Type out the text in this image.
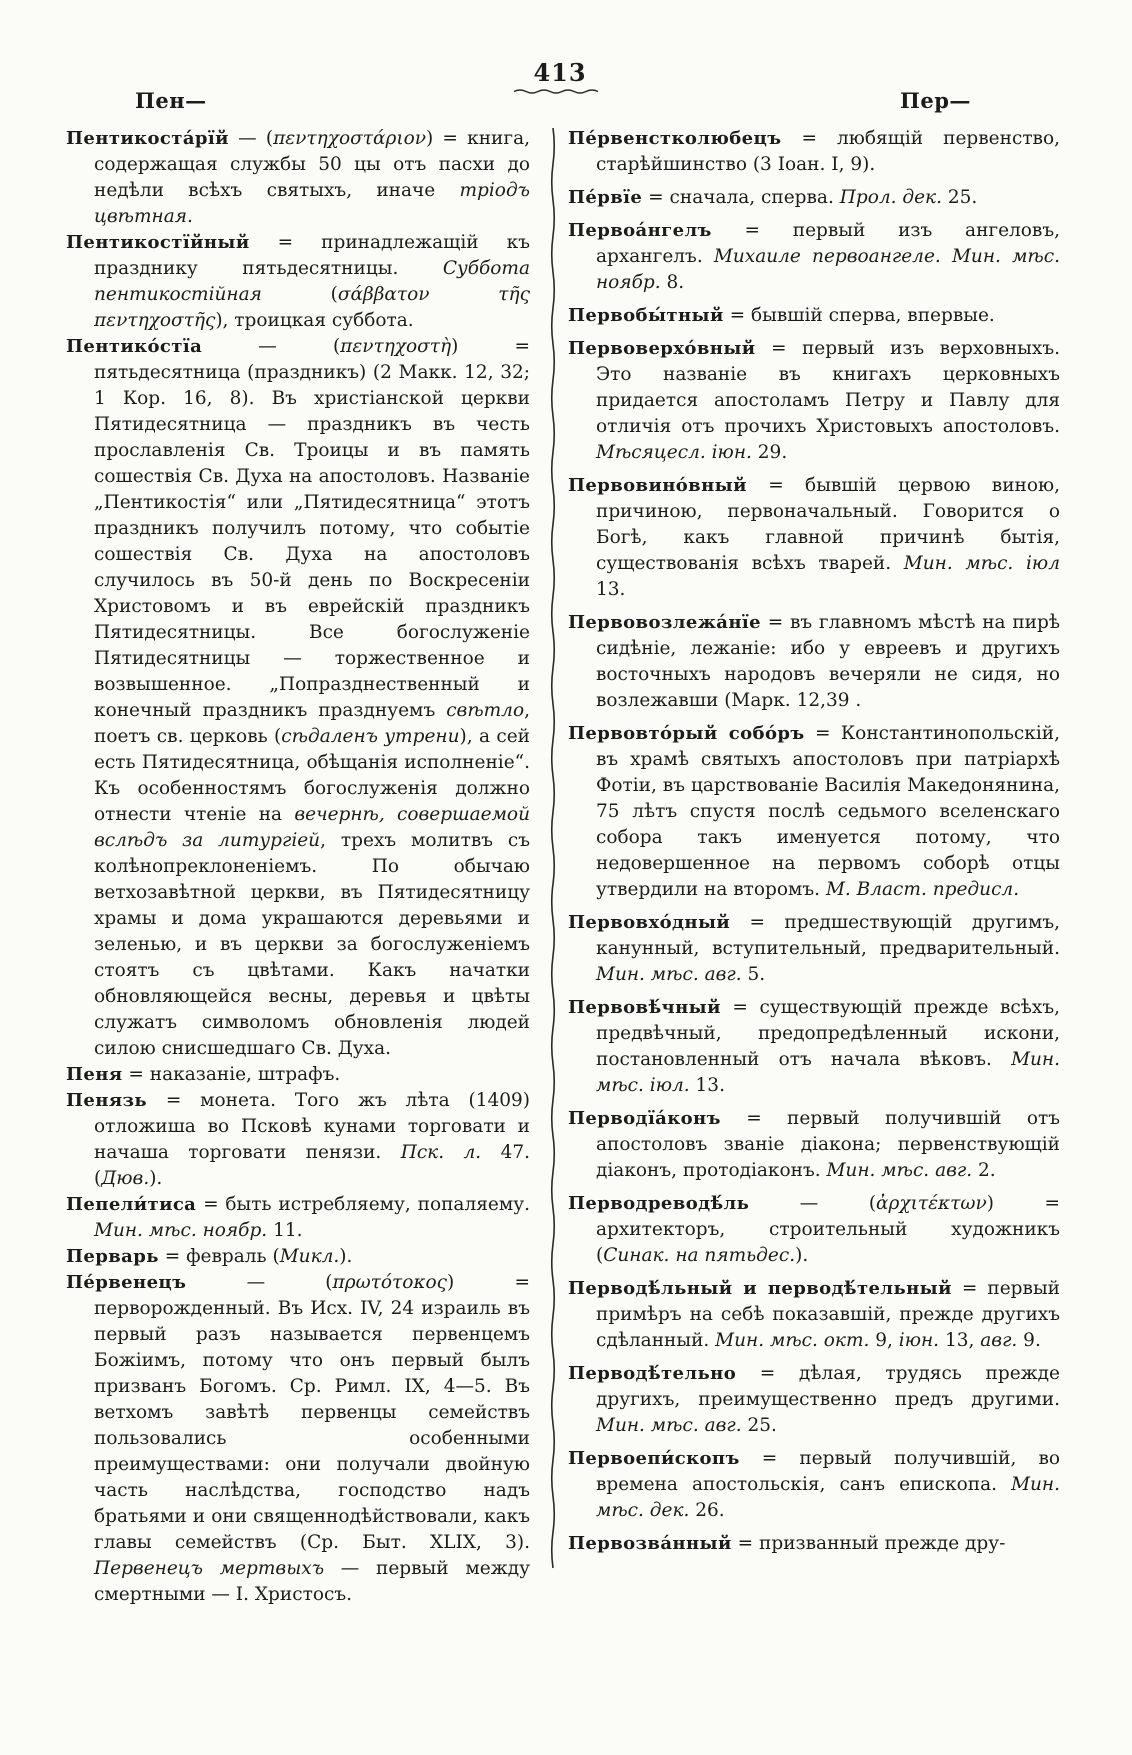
413
Пен—	Пер—

Пентикоста́рїй — (πεντηχοστάριον) = книга, содержащая службы 50 цы отъ пасхи до недѣли всѣхъ святыхъ, иначе тріодъ цвѣтная.

Пентикостїйный = принадлежащій къ празднику пятьдесятницы. Суббота пентикостійная (σάββατον τῆς πεντηχοστῆς), троицкая суббота.

Пентико́стїа — (πεντηχοστὴ) = пятьдесятница (праздникъ) (2 Макк. 12, 32; 1 Кор. 16, 8). Въ христіанской церкви Пятидесятница — праздникъ въ честь прославленія Св. Троицы и въ память сошествія Св. Духа на апостоловъ. Названіе „Пентикостія“ или „Пятидесятница“ этотъ праздникъ получилъ потому, что событіе сошествія Св. Духа на апостоловъ случилось въ 50-й день по Воскресеніи Христовомъ и въ еврейскій праздникъ Пятидесятницы. Все богослуженіе Пятидесятницы — торжественное и возвышенное. „Попразднественный и конечный праздникъ празднуемъ свѣтло, поетъ св. церковь (сѣдаленъ утрени), а сей есть Пятидесятница, обѣщанія исполненіе“. Къ особенностямъ богослуженія должно отнести чтеніе на вечернѣ, совершаемой вслѣдъ за литургіей, трехъ молитвъ съ колѣнопреклоненіемъ. По обычаю ветхозавѣтной церкви, въ Пятидесятницу храмы и дома украшаются деревьями и зеленью, и въ церкви за богослуженіемъ стоятъ съ цвѣтами. Какъ начатки обновляющейся весны, деревья и цвѣты служатъ символомъ обновленія людей силою снисшедшаго Св. Духа.

Пеня = наказаніе, штрафъ.

Пенязь = монета. Того жъ лѣта (1409) отложиша во Псковѣ кунами торговати и начаша торговати пенязи. Пск. л. 47. (Дюв.).

Пепели́тиса = быть истребляему, попаляему. Мин. мѣс. ноябр. 11.

Перварь = февраль (Микл.).

Пе́рвенецъ — (πρωτότοκος) = перворожденный. Въ Исх. IV, 24 израиль въ первый разъ называется первенцемъ Божіимъ, потому что онъ первый былъ призванъ Богомъ. Ср. Римл. IX, 4—5. Въ ветхомъ завѣтѣ первенцы семействъ пользовались особенными преимуществами: они получали двойную часть наслѣдства, господство надъ братьями и они священнодѣйствовали, какъ главы семействъ (Ср. Быт. XLIX, 3). Первенецъ мертвыхъ — первый между смертными — I. Христосъ.

Пе́рвенстколюбецъ = любящій первенство, старѣйшинство (3 Іоан. I, 9).

Пе́рвїе = сначала, сперва. Прол. дек. 25.

Первоа́нгелъ = первый изъ ангеловъ, архангелъ. Михаиле первоангеле. Мин. мѣс. ноябр. 8.

Первобы́тный = бывшій сперва, впервые.

Первоверхо́вный = первый изъ верховныхъ. Это названіе въ книгахъ церковныхъ придается апостоламъ Петру и Павлу для отличія отъ прочихъ Христовыхъ апостоловъ. Мѣсяцесл. іюн. 29.

Первовино́вный = бывшій цервою виною, причиною, первоначальный. Говорится о Богѣ, какъ главной причинѣ бытія, существованія всѣхъ тварей. Мин. мѣс. іюл 13.

Первовозлежа́нїе = въ главномъ мѣстѣ на пирѣ сидѣніе, лежаніе: ибо у евреевъ и другихъ восточныхъ народовъ вечеряли не сидя, но возлежавши (Марк. 12,39 .

Первовто́рый собо́ръ = Константинопольскій, въ храмѣ святыхъ апостоловъ при патріархѣ Фотіи, въ царствованіе Василія Македонянина, 75 лѣтъ спустя послѣ седьмого вселенскаго собора такъ именуется потому, что недовершенное на первомъ соборѣ отцы утвердили на второмъ. М. Власт. предисл.

Первовхо́дный = предшествующій другимъ, канунный, вступительный, предварительный. Мин. мѣс. авг. 5.

Первовѣ́чный = существующій прежде всѣхъ, предвѣчный, предопредѣленный искони, постановленный отъ начала вѣковъ. Мин. мѣс. іюл. 13.

Перводїа́конъ = первый получившій отъ апостоловъ званіе діакона; первенствующій діаконъ, протодіаконъ. Мин. мѣс. авг. 2.

Перводреводѣ́ль — (ἀρχιτέκτων) = архитекторъ, строительный художникъ (Синак. на пятьдес.).

Перводѣ́льный и перводѣ́тельный = первый примѣръ на себѣ показавшій, прежде другихъ сдѣланный. Мин. мѣс. окт. 9, іюн. 13, авг. 9.

Перводѣ́тельно = дѣлая, трудясь прежде другихъ, преимущественно предъ другими. Мин. мѣс. авг. 25.

Первоепи́скопъ = первый получившій, во времена апостольскія, санъ епископа. Мин. мѣс. дек. 26.

Первозва́нный = призванный прежде дру-
